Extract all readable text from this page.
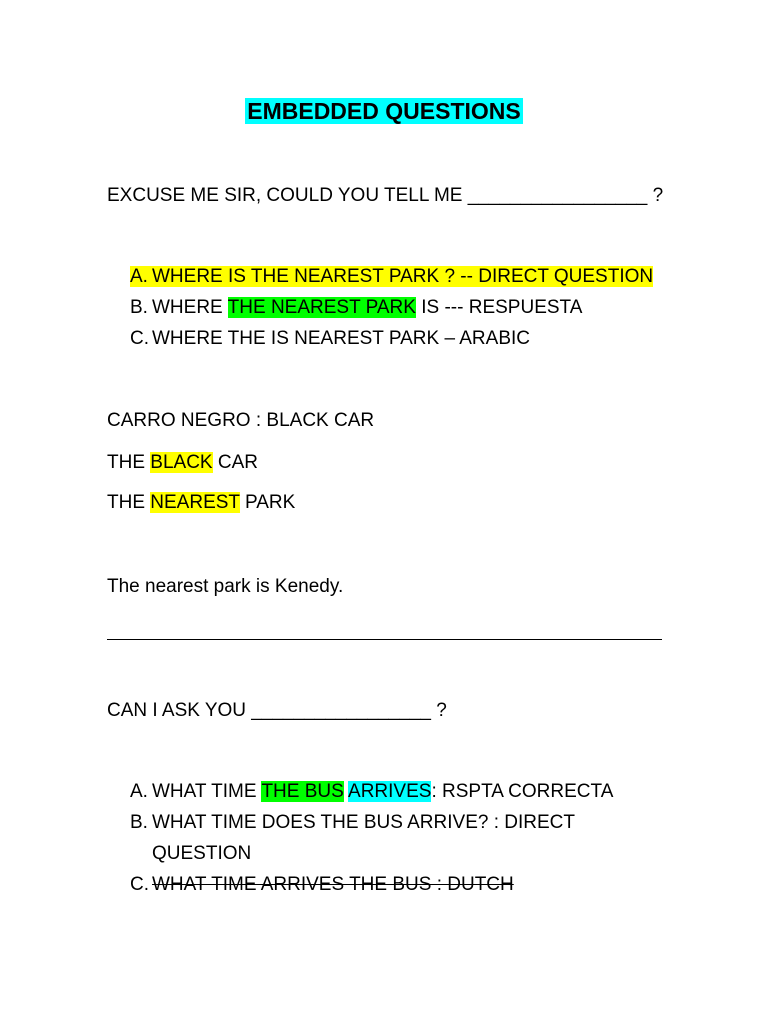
EMBEDDED QUESTIONS
EXCUSE ME SIR, COULD YOU TELL ME _________________ ?
A. WHERE IS THE NEAREST PARK ? -- DIRECT QUESTION
B. WHERE THE NEAREST PARK IS --- RESPUESTA
C. WHERE THE IS NEAREST PARK – ARABIC
CARRO NEGRO : BLACK CAR
THE BLACK CAR
THE NEAREST PARK
The nearest park is Kenedy.
CAN I ASK YOU _________________ ?
A. WHAT TIME THE BUS ARRIVES: RSPTA CORRECTA
B. WHAT TIME DOES THE BUS ARRIVE? : DIRECT
QUESTION
C. WHAT TIME ARRIVES THE BUS : DUTCH
